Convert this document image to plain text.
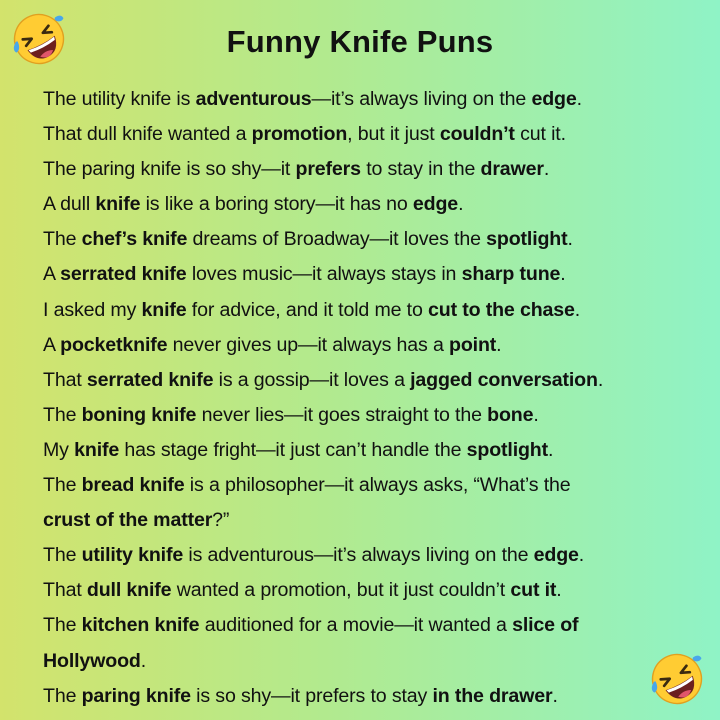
Funny Knife Puns
The utility knife is adventurous—it’s always living on the edge.
That dull knife wanted a promotion, but it just couldn’t cut it.
The paring knife is so shy—it prefers to stay in the drawer.
A dull knife is like a boring story—it has no edge.
The chef’s knife dreams of Broadway—it loves the spotlight.
A serrated knife loves music—it always stays in sharp tune.
I asked my knife for advice, and it told me to cut to the chase.
A pocketknife never gives up—it always has a point.
That serrated knife is a gossip—it loves a jagged conversation.
The boning knife never lies—it goes straight to the bone.
My knife has stage fright—it just can’t handle the spotlight.
The bread knife is a philosopher—it always asks, “What’s the
crust of the matter?”
The utility knife is adventurous—it’s always living on the edge.
That dull knife wanted a promotion, but it just couldn’t cut it.
The kitchen knife auditioned for a movie—it wanted a slice of
Hollywood.
The paring knife is so shy—it prefers to stay in the drawer.
